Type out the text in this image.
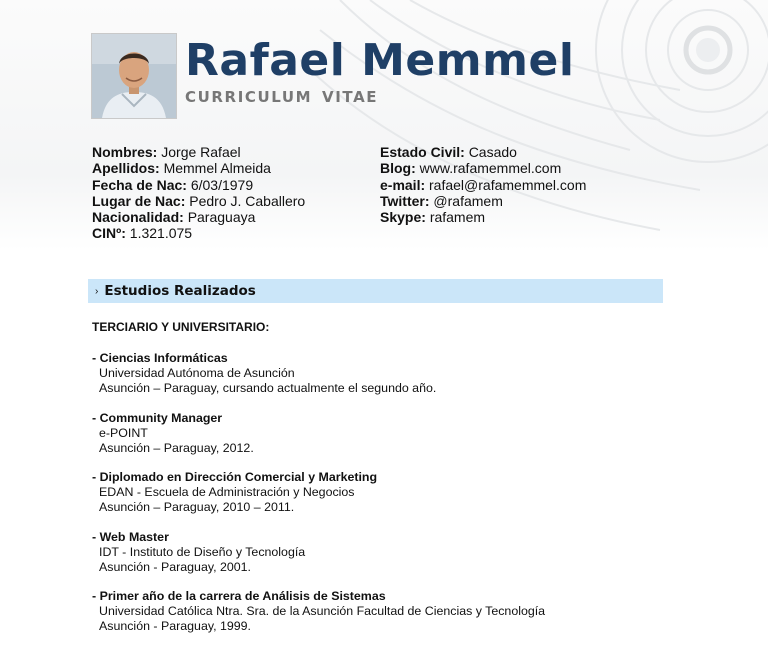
Rafael Memmel
CURRICULUM VITAE
Nombres: Jorge Rafael
Apellidos: Memmel Almeida
Fecha de Nac: 6/03/1979
Lugar de Nac: Pedro J. Caballero
Nacionalidad: Paraguaya
CINº: 1.321.075
Estado Civil: Casado
Blog: www.rafamemmel.com
e-mail: rafael@rafamemmel.com
Twitter: @rafamem
Skype: rafamem
› Estudios Realizados
TERCIARIO Y UNIVERSITARIO:
- Ciencias Informáticas
Universidad Autónoma de Asunción
Asunción – Paraguay, cursando actualmente el segundo año.
- Community Manager
e-POINT
Asunción – Paraguay, 2012.
- Diplomado en Dirección Comercial y Marketing
EDAN - Escuela de Administración y Negocios
Asunción – Paraguay, 2010 – 2011.
- Web Master
IDT - Instituto de Diseño y Tecnología
Asunción - Paraguay, 2001.
- Primer año de la carrera de Análisis de Sistemas
Universidad Católica Ntra. Sra. de la Asunción Facultad de Ciencias y Tecnología
Asunción - Paraguay, 1999.
